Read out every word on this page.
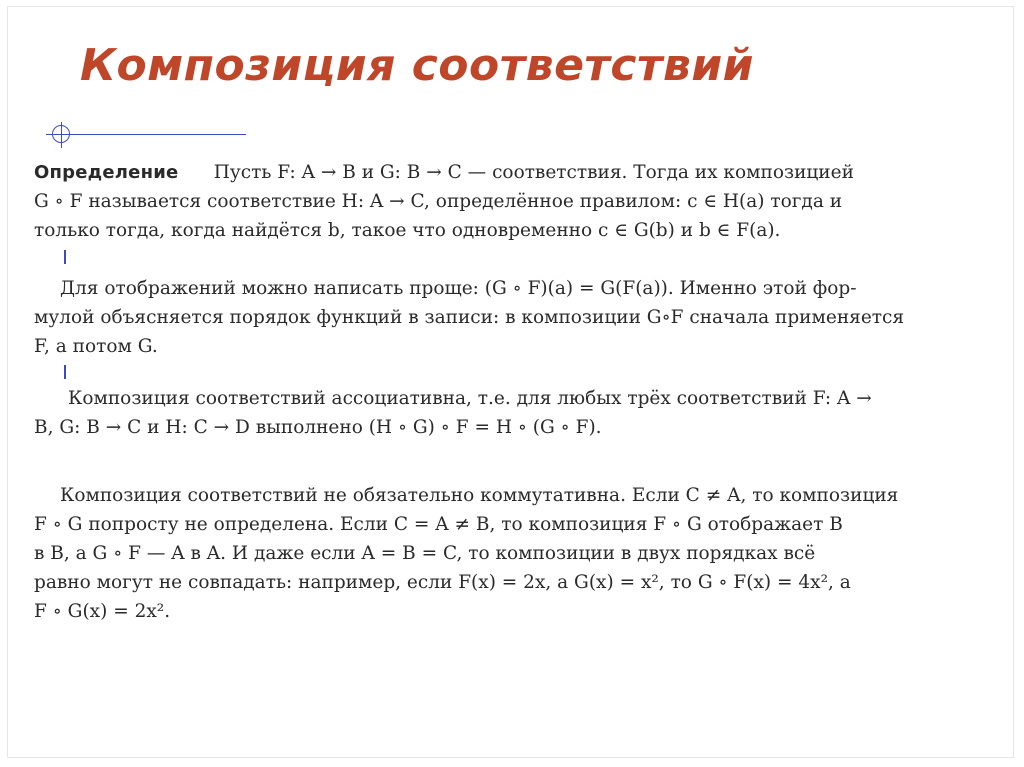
Композиция соответствий
Определение Пусть F: A → B и G: B → C — соответствия. Тогда их композицией
G ∘ F называется соответствие H: A → C, определённое правилом: c ∈ H(a) тогда и
только тогда, когда найдётся b, такое что одновременно c ∈ G(b) и b ∈ F(a).
Для отображений можно написать проще: (G ∘ F)(a) = G(F(a)). Именно этой фор-
мулой объясняется порядок функций в записи: в композиции G∘F сначала применяется
F, а потом G.
Композиция соответствий ассоциативна, т.е. для любых трёх соответствий F: A →
B, G: B → C и H: C → D выполнено (H ∘ G) ∘ F = H ∘ (G ∘ F).
Композиция соответствий не обязательно коммутативна. Если C ≠ A, то композиция
F ∘ G попросту не определена. Если C = A ≠ B, то композиция F ∘ G отображает B
в B, а G ∘ F — A в A. И даже если A = B = C, то композиции в двух порядках всё
равно могут не совпадать: например, если F(x) = 2x, а G(x) = x², то G ∘ F(x) = 4x², а
F ∘ G(x) = 2x².
